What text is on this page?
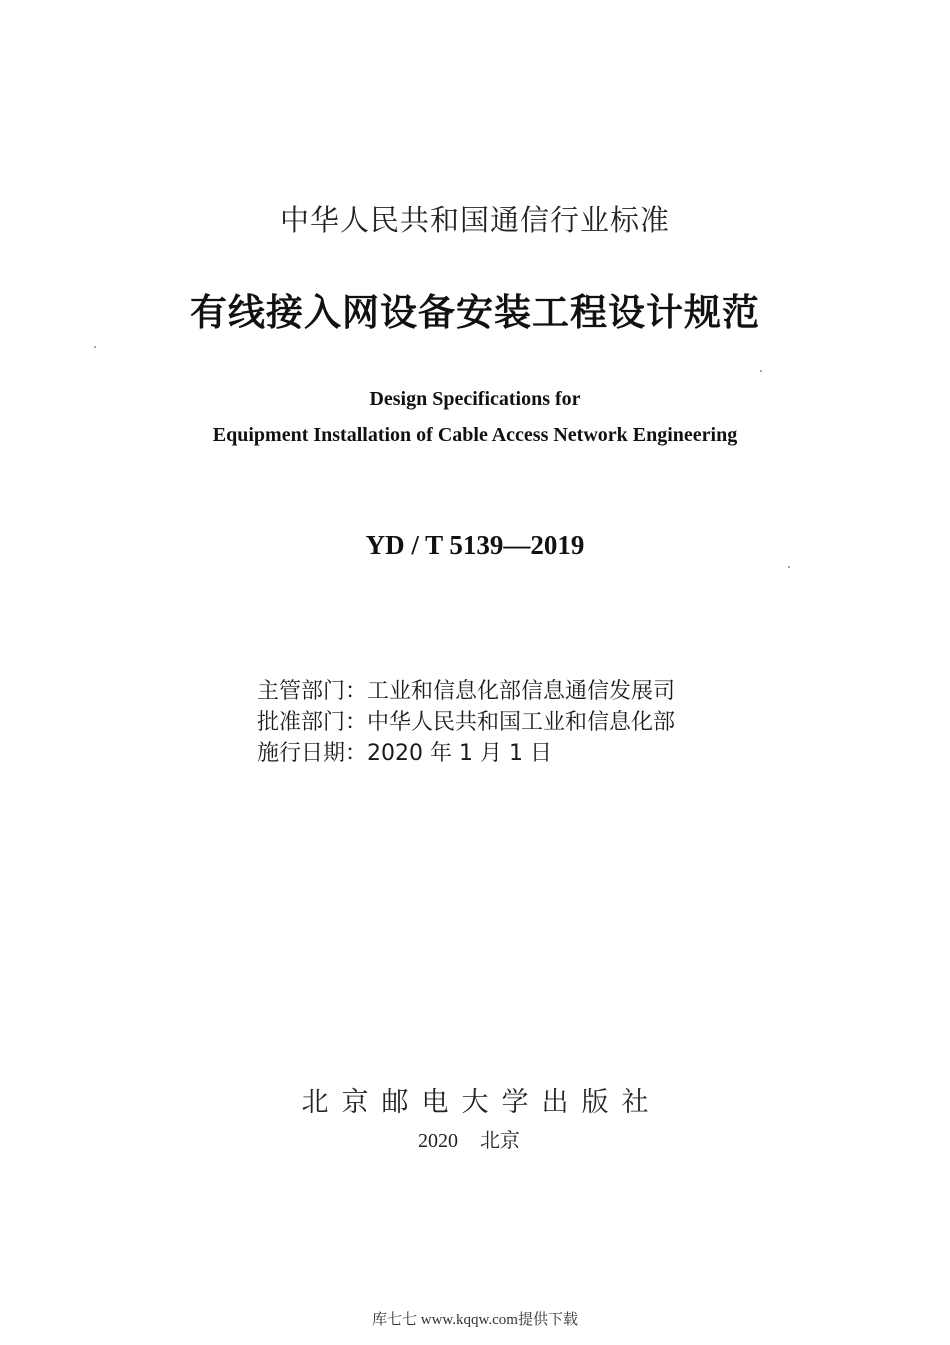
中华人民共和国通信行业标准
有线接入网设备安装工程设计规范
Design Specifications for
Equipment Installation of Cable Access Network Engineering
YD / T 5139—2019
主管部门：工业和信息化部信息通信发展司
批准部门：中华人民共和国工业和信息化部
施行日期：2020 年 1 月 1 日
北京邮电大学出版社
2020 北京
库七七 www.kqqw.com提供下载
